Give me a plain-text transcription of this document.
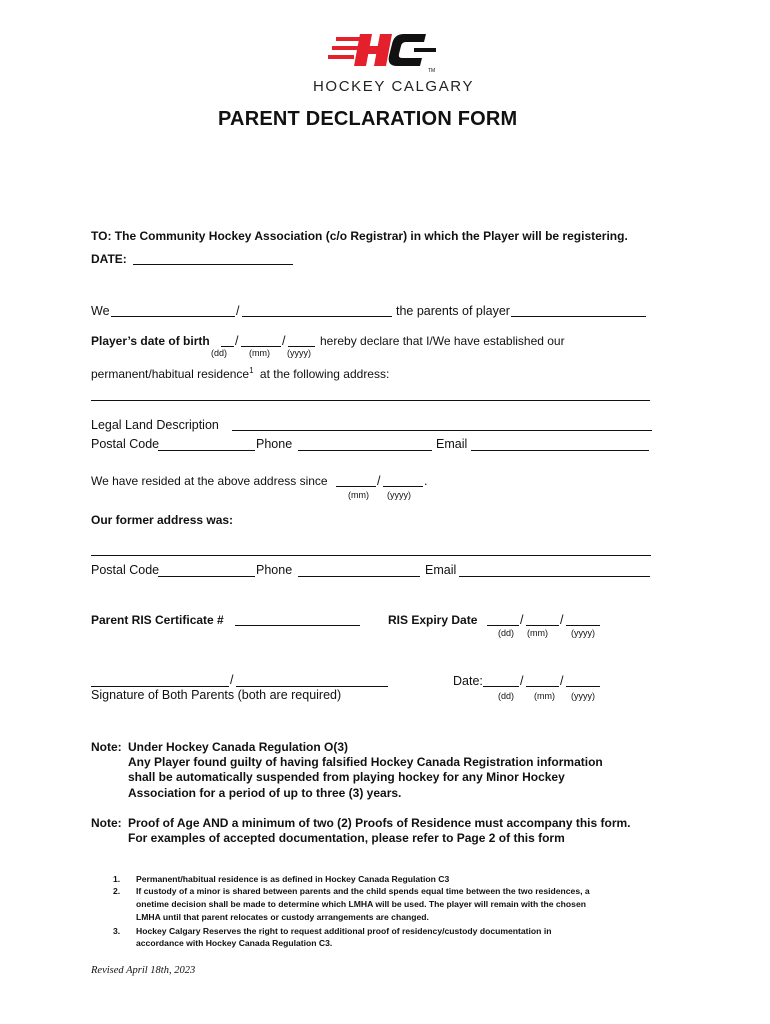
TM
HOCKEY CALGARY
PARENT DECLARATION FORM
TO: The Community Hockey Association (c/o Registrar) in which the Player will be registering.
DATE:
We	/	the parents of player
Player’s date of birth /	/	hereby declare that I/We have established our
(dd) (mm) (yyyy)
permanent/habitual residence$^1$ at the following address:
Legal Land Description
Postal Code	Phone	Email
We have resided at the above address since	/	.
(mm) (yyyy)
Our former address was:
Postal Code	Phone	Email
Parent RIS Certificate #	RIS Expiry Date	/	/
(dd) (mm)	(yyyy)
/
Signature of Both Parents (both are required)
Date:	/	/
(dd) (mm) (yyyy)
Note: Under Hockey Canada Regulation O(3)
Any Player found guilty of having falsified Hockey Canada Registration information
shall be automatically suspended from playing hockey for any Minor Hockey
Association for a period of up to three (3) years.
Note: Proof of Age AND a minimum of two (2) Proofs of Residence must accompany this form.
For examples of accepted documentation, please refer to Page 2 of this form
1. Permanent/habitual residence is as defined in Hockey Canada Regulation C3
2. If custody of a minor is shared between parents and the child spends equal time between the two residences, a
onetime decision shall be made to determine which LMHA will be used. The player will remain with the chosen
LMHA until that parent relocates or custody arrangements are changed.
3. Hockey Calgary Reserves the right to request additional proof of residency/custody documentation in
accordance with Hockey Canada Regulation C3.
Revised April 18th, 2023
